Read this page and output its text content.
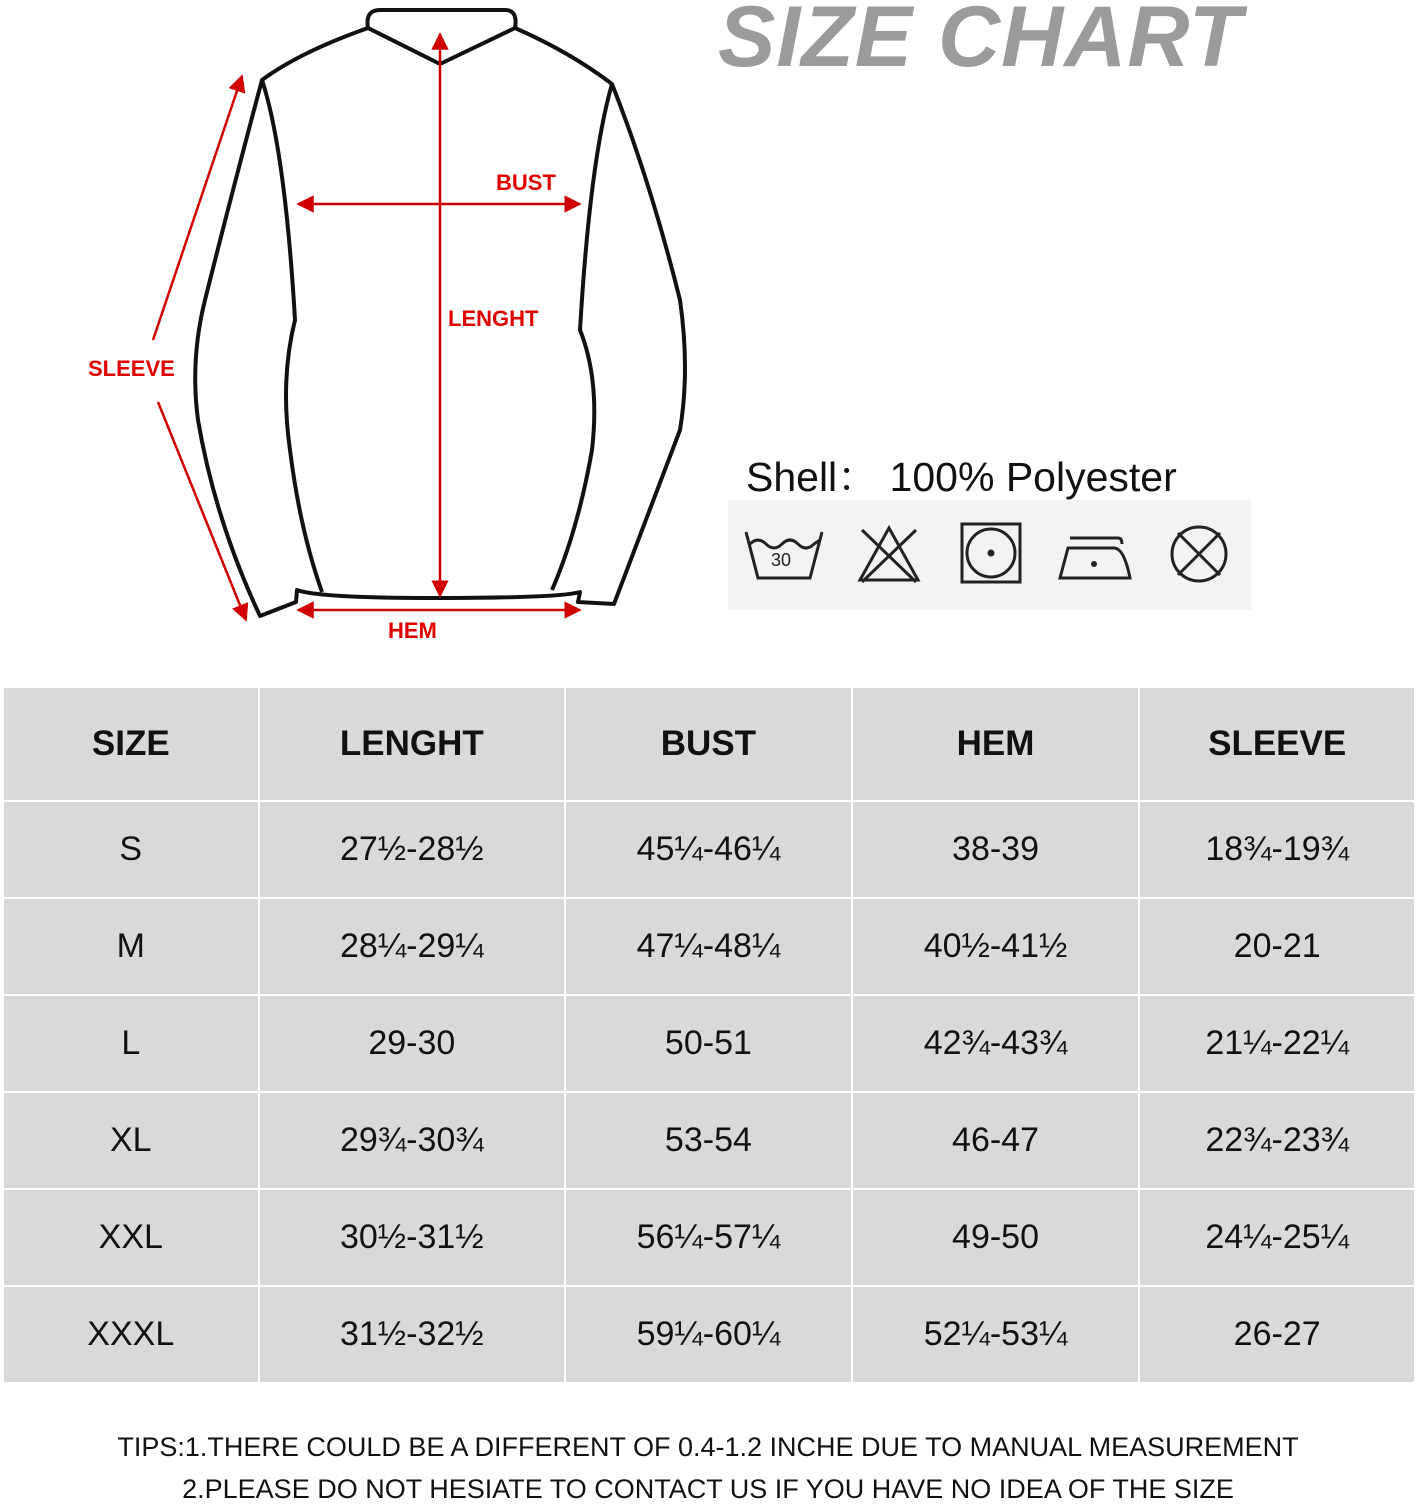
BUST
LENGHT
SLEEVE
HEM
SIZE CHART
Shell： 100% Polyester
30
SIZE	LENGHT	BUST	HEM	SLEEVE
S	27½-28½	45¼-46¼	38-39	18¾-19¾
M	28¼-29¼	47¼-48¼	40½-41½	20-21
L	29-30	50-51	42¾-43¾	21¼-22¼
XL	29¾-30¾	53-54	46-47	22¾-23¾
XXL	30½-31½	56¼-57¼	49-50	24¼-25¼
XXXL	31½-32½	59¼-60¼	52¼-53¼	26-27
TIPS:1.THERE COULD BE A DIFFERENT OF 0.4-1.2 INCHE DUE TO MANUAL MEASUREMENT
2.PLEASE DO NOT HESIATE TO CONTACT US IF YOU HAVE NO IDEA OF THE SIZE
